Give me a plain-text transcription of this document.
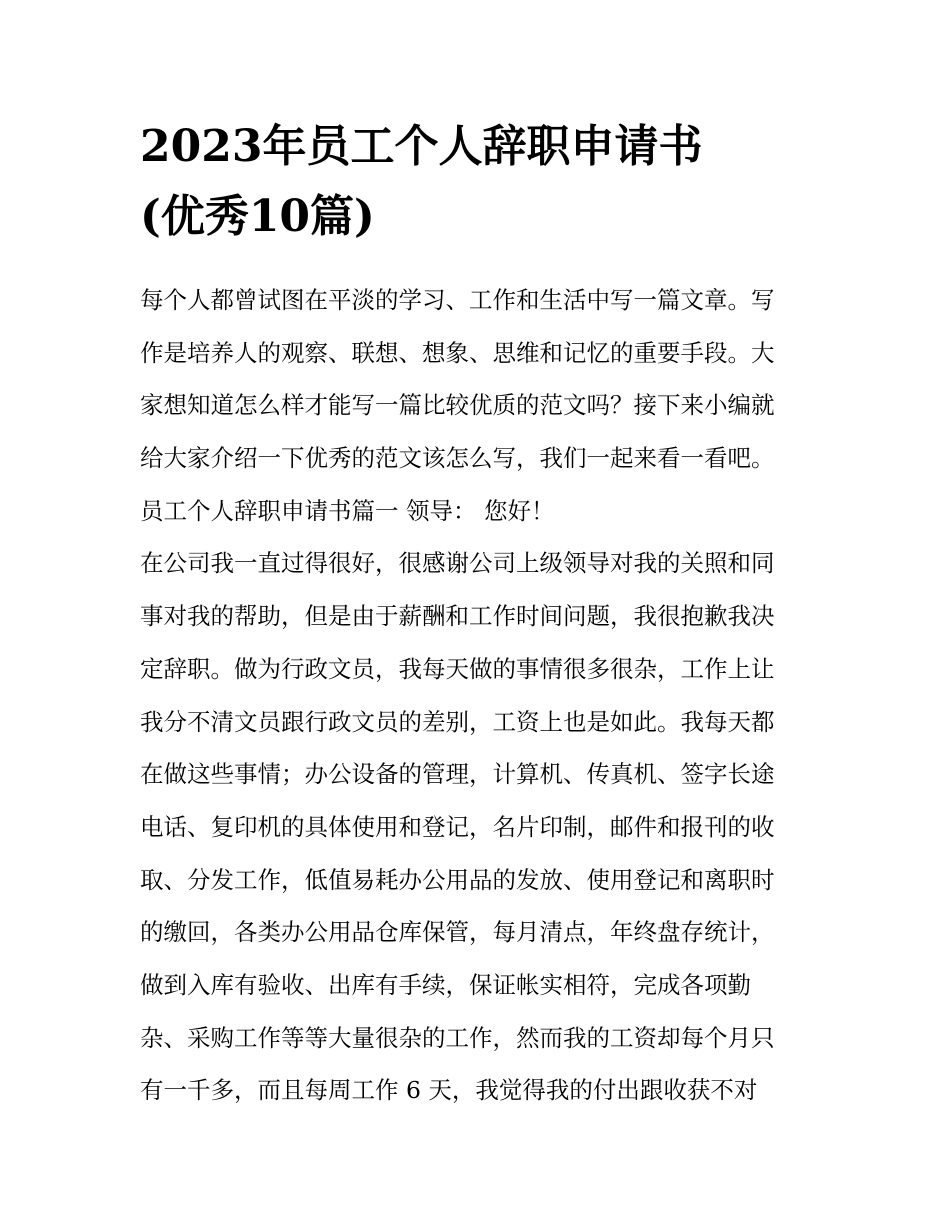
2023年员工个人辞职申请书
(优秀10篇)
每个人都曾试图在平淡的学习、工作和生活中写一篇文章。写
作是培养人的观察、联想、想象、思维和记忆的重要手段。大
家想知道怎么样才能写一篇比较优质的范文吗？接下来小编就
给大家介绍一下优秀的范文该怎么写，我们一起来看一看吧。
员工个人辞职申请书篇一 领导： 您好！
在公司我一直过得很好，很感谢公司上级领导对我的关照和同
事对我的帮助，但是由于薪酬和工作时间问题，我很抱歉我决
定辞职。做为行政文员，我每天做的事情很多很杂，工作上让
我分不清文员跟行政文员的差别，工资上也是如此。我每天都
在做这些事情；办公设备的管理，计算机、传真机、签字长途
电话、复印机的具体使用和登记，名片印制，邮件和报刊的收
取、分发工作，低值易耗办公用品的发放、使用登记和离职时
的缴回，各类办公用品仓库保管，每月清点，年终盘存统计，
做到入库有验收、出库有手续，保证帐实相符，完成各项勤
杂、采购工作等等大量很杂的工作，然而我的工资却每个月只
有一千多，而且每周工作 6 天，我觉得我的付出跟收获不对
